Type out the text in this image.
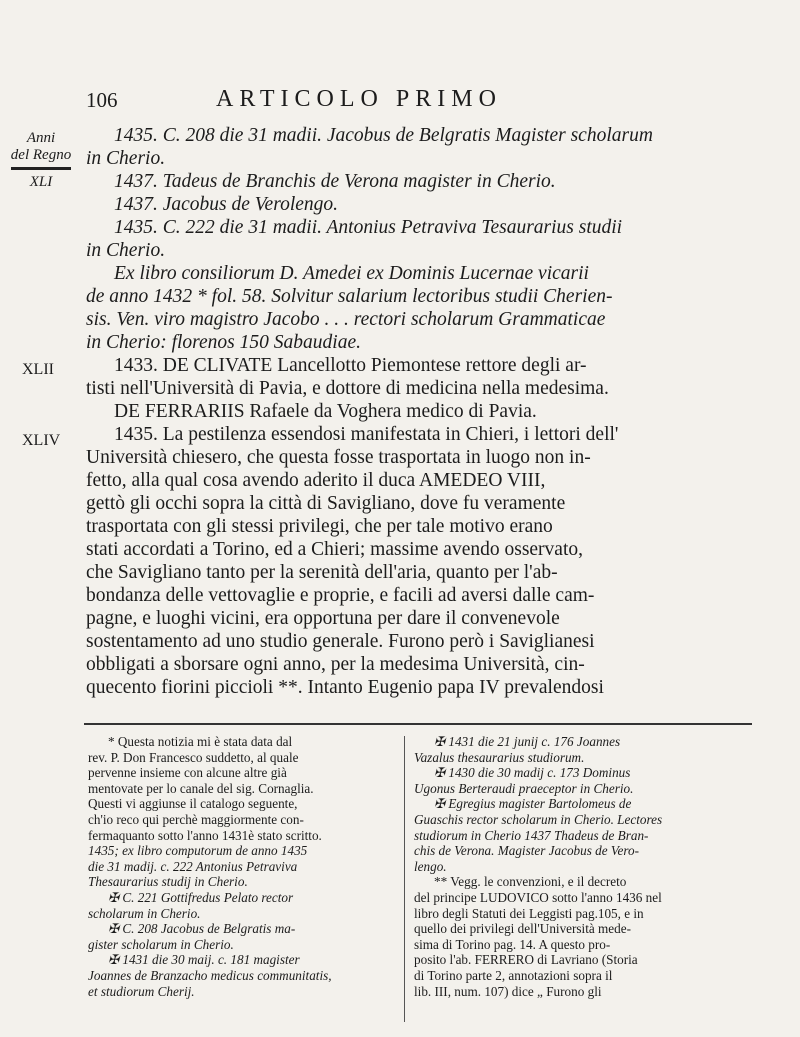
106	ARTICOLO PRIMO
Anni
del Regno
XLI
XLII
XLIV

1435. C. 208 die 31 madii. Jacobus de Belgratis Magister scholarum

in Cherio.

1437. Tadeus de Branchis de Verona magister in Cherio.

1437. Jacobus de Verolengo.

1435. C. 222 die 31 madii. Antonius Petraviva Tesaurarius studii

in Cherio.

Ex libro consiliorum D. Amedei ex Dominis Lucernae vicarii

de anno 1432 * fol. 58. Solvitur salarium lectoribus studii Cherien-

sis. Ven. viro magistro Jacobo . . . rectori scholarum Grammaticae

in Cherio: florenos 150 Sabaudiae.

1433. DE CLIVATE Lancellotto Piemontese rettore degli ar-

tisti nell'Università di Pavia, e dottore di medicina nella medesima.

DE FERRARIIS Rafaele da Voghera medico di Pavia.

1435. La pestilenza essendosi manifestata in Chieri, i lettori dell'

Università chiesero, che questa fosse trasportata in luogo non in-

fetto, alla qual cosa avendo aderito il duca AMEDEO VIII,

gettò gli occhi sopra la città di Savigliano, dove fu veramente

trasportata con gli stessi privilegi, che per tale motivo erano

stati accordati a Torino, ed a Chieri; massime avendo osservato,

che Savigliano tanto per la serenità dell'aria, quanto per l'ab-

bondanza delle vettovaglie e proprie, e facili ad aversi dalle cam-

pagne, e luoghi vicini, era opportuna per dare il convenevole

sostentamento ad uno studio generale. Furono però i Saviglianesi

obbligati a sborsare ogni anno, per la medesima Università, cin-

quecento fiorini piccioli **. Intanto Eugenio papa IV prevalendosi

* Questa notizia mi è stata data dal

rev. P. Don Francesco suddetto, al quale

pervenne insieme con alcune altre già

mentovate per lo canale del sig. Cornaglia.

Questi vi aggiunse il catalogo seguente,

ch'io reco qui perchè maggiormente con-

fermaquanto sotto l'anno 1431è stato scritto.

1435; ex libro computorum de anno 1435

die 31 madij. c. 222 Antonius Petraviva

Thesaurarius studij in Cherio.

✠ C. 221 Gottifredus Pelato rector

scholarum in Cherio.

✠ C. 208 Jacobus de Belgratis ma-

gister scholarum in Cherio.

✠ 1431 die 30 maij. c. 181 magister

Joannes de Branzacho medicus communitatis,

et studiorum Cherij.

✠ 1431 die 21 junij c. 176 Joannes

Vazalus thesaurarius studiorum.

✠ 1430 die 30 madij c. 173 Dominus

Ugonus Berteraudi praeceptor in Cherio.

✠ Egregius magister Bartolomeus de

Guaschis rector scholarum in Cherio. Lectores

studiorum in Cherio 1437 Thadeus de Bran-

chis de Verona. Magister Jacobus de Vero-

lengo.

** Vegg. le convenzioni, e il decreto

del principe LUDOVICO sotto l'anno 1436 nel

libro degli Statuti dei Leggisti pag.105, e in

quello dei privilegi dell'Università mede-

sima di Torino pag. 14. A questo pro-

posito l'ab. FERRERO di Lavriano (Storia

di Torino parte 2, annotazioni sopra il

lib. III, num. 107) dice „ Furono gli
